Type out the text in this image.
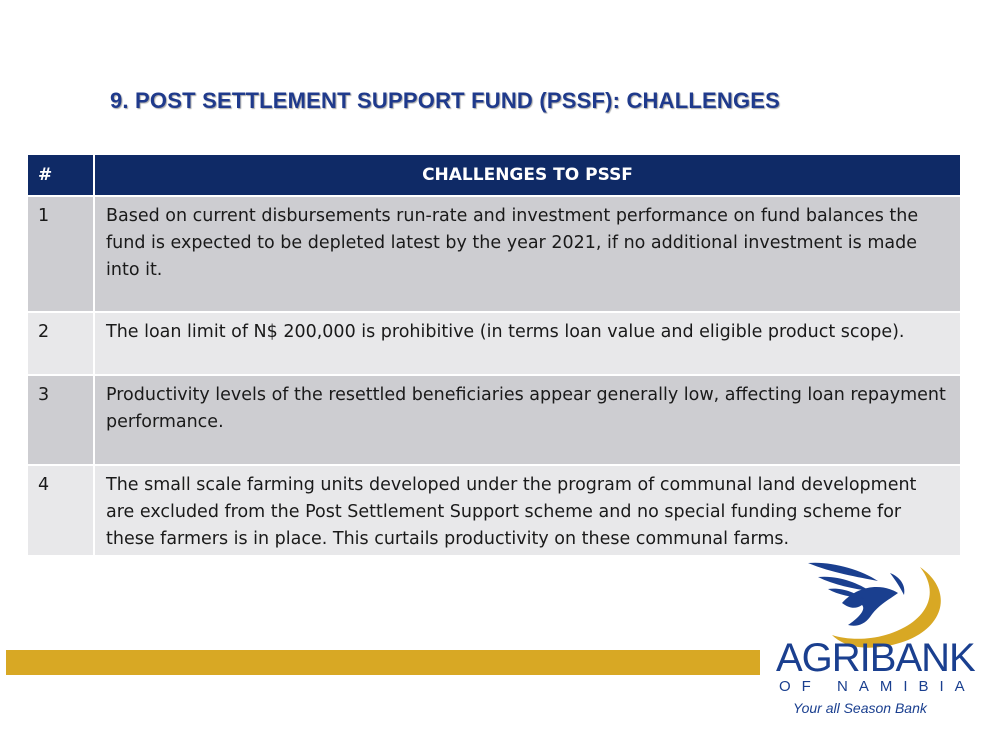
9. POST SETTLEMENT SUPPORT FUND (PSSF): CHALLENGES
#	CHALLENGES TO PSSF
1	Based on current disbursements run-rate and investment performance on fund balances the fund is expected to be depleted latest by the year 2021, if no additional investment is made into it.
2	The loan limit of N$ 200,000 is prohibitive (in terms loan value and eligible product scope).
3	Productivity levels of the resettled beneficiaries appear generally low, affecting loan repayment performance.
4	The small scale farming units developed under the program of communal land development are excluded from the Post Settlement Support scheme and no special funding scheme for these farmers is in place. This curtails productivity on these communal farms.
AGRIBANK
OF NAMIBIA
Your all Season Bank
